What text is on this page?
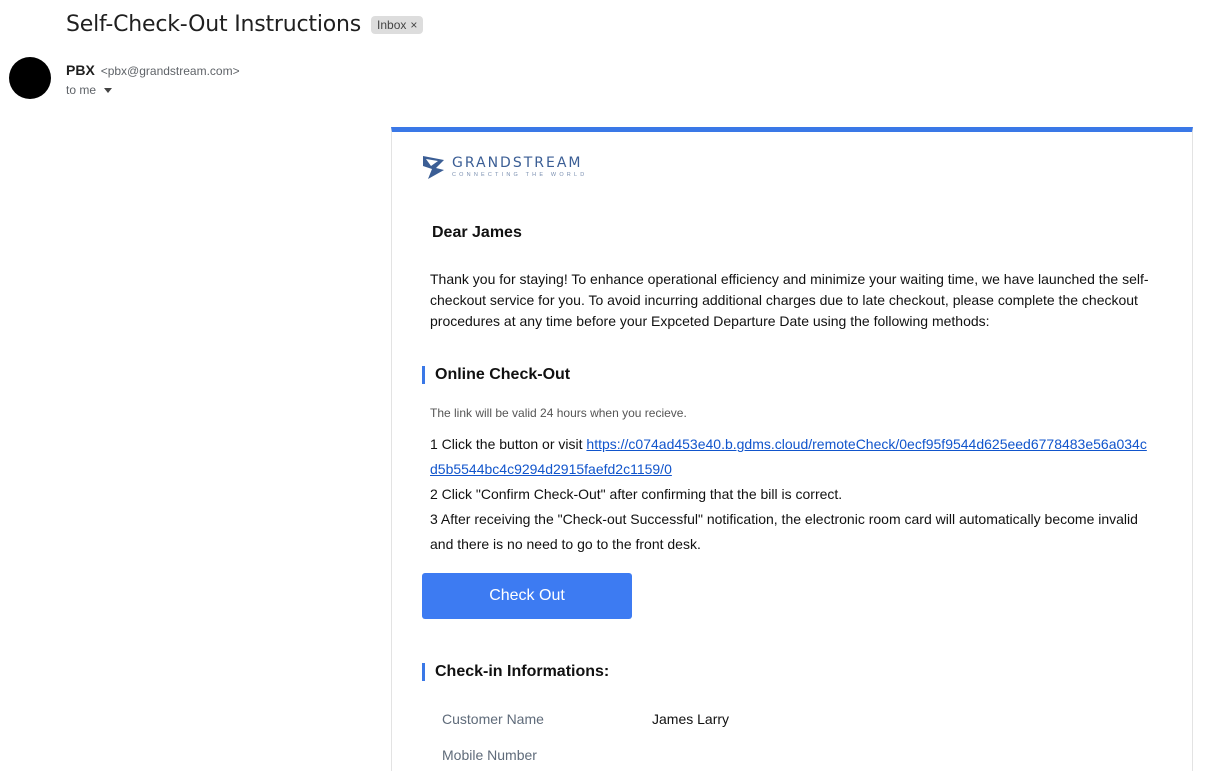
Self-Check-Out Instructions Inbox ×
PBX <pbx@grandstream.com>
to me
GRANDSTREAM
CONNECTING THE WORLD
Dear James

Thank you for staying! To enhance operational efficiency and minimize your waiting time, we have launched the self-checkout service for you. To avoid incurring additional charges due to late checkout, please complete the checkout procedures at any time before your Expceted Departure Date using the following methods:

Online Check-Out
The link will be valid 24 hours when you recieve.
1 Click the button or visit https://c074ad453e40.b.gdms.cloud/remoteCheck/0ecf95f9544d625eed6778483e56a034cd5b5544bc4c9294d2915faefd2c1159/0
2 Click "Confirm Check-Out" after confirming that the bill is correct.
3 After receiving the "Check-out Successful" notification, the electronic room card will automatically become invalid and there is no need to go to the front desk.
Check Out
Check-in Informations:
Customer Name	James Larry
Mobile Number
